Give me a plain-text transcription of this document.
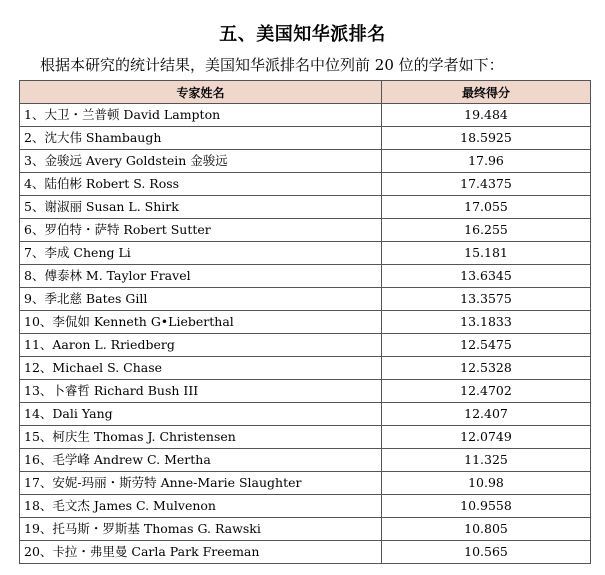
五、美国知华派排名
根据本研究的统计结果，美国知华派排名中位列前 20 位的学者如下：
专家姓名	最终得分
1、大卫・兰普顿 David Lampton	19.484
2、沈大伟 Shambaugh	18.5925
3、金骏远 Avery Goldstein 金骏远	17.96
4、陆伯彬 Robert S. Ross	17.4375
5、谢淑丽 Susan L. Shirk	17.055
6、罗伯特・萨特 Robert Sutter	16.255
7、李成 Cheng Li	15.181
8、傅泰林 M. Taylor Fravel	13.6345
9、季北慈 Bates Gill	13.3575
10、李侃如 Kenneth G•Lieberthal	13.1833
11、Aaron L. Rriedberg	12.5475
12、Michael S. Chase	12.5328
13、卜睿哲 Richard Bush III	12.4702
14、Dali Yang	12.407
15、柯庆生 Thomas J. Christensen	12.0749
16、毛学峰 Andrew C. Mertha	11.325
17、安妮-玛丽・斯劳特 Anne-Marie Slaughter	10.98
18、毛文杰 James C. Mulvenon	10.9558
19、托马斯・罗斯基 Thomas G. Rawski	10.805
20、卡拉・弗里曼 Carla Park Freeman	10.565
